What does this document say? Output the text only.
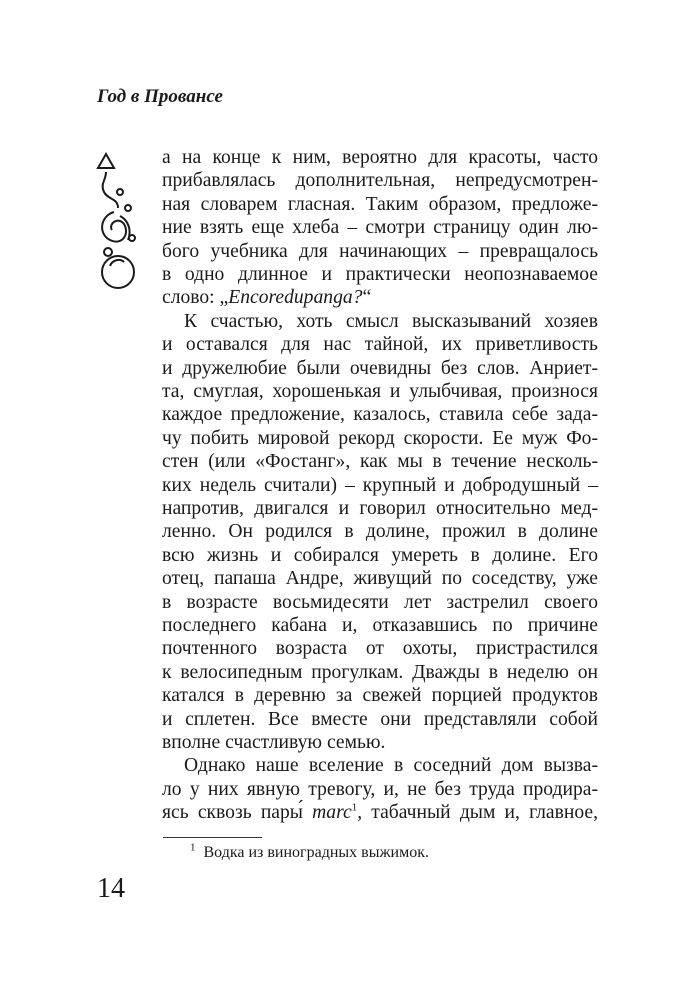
Год в Провансе
а на конце к ним, вероятно для красоты, часто
прибавлялась дополнительная, непредусмотрен-
ная словарем гласная. Таким образом, предложе-
ние взять еще хлеба – смотри страницу один лю-
бого учебника для начинающих – превращалось
в одно длинное и практически неопознаваемое
слово: „Encoredupanga?“
К счастью, хоть смысл высказываний хозяев
и оставался для нас тайной, их приветливость
и дружелюбие были очевидны без слов. Анриет-
та, смуглая, хорошенькая и улыбчивая, произнося
каждое предложение, казалось, ставила себе зада-
чу побить мировой рекорд скорости. Ее муж Фо-
стен (или «Фостанг», как мы в течение несколь-
ких недель считали) – крупный и добродушный –
напротив, двигался и говорил относительно мед-
ленно. Он родился в долине, прожил в долине
всю жизнь и собирался умереть в долине. Его
отец, папаша Андре, живущий по соседству, уже
в возрасте восьмидесяти лет застрелил своего
последнего кабана и, отказавшись по причине
почтенного возраста от охоты, пристрастился
к велосипедным прогулкам. Дважды в неделю он
катался в деревню за свежей порцией продуктов
и сплетен. Все вместе они представляли собой
вполне счастливую семью.
Однако наше вселение в соседний дом вызва-
ло у них явную тревогу, и, не без труда продира-
ясь сквозь пары́ marc$^1$, табачный дым и, главное,
$^1$ Водка из виноградных выжимок.
14
